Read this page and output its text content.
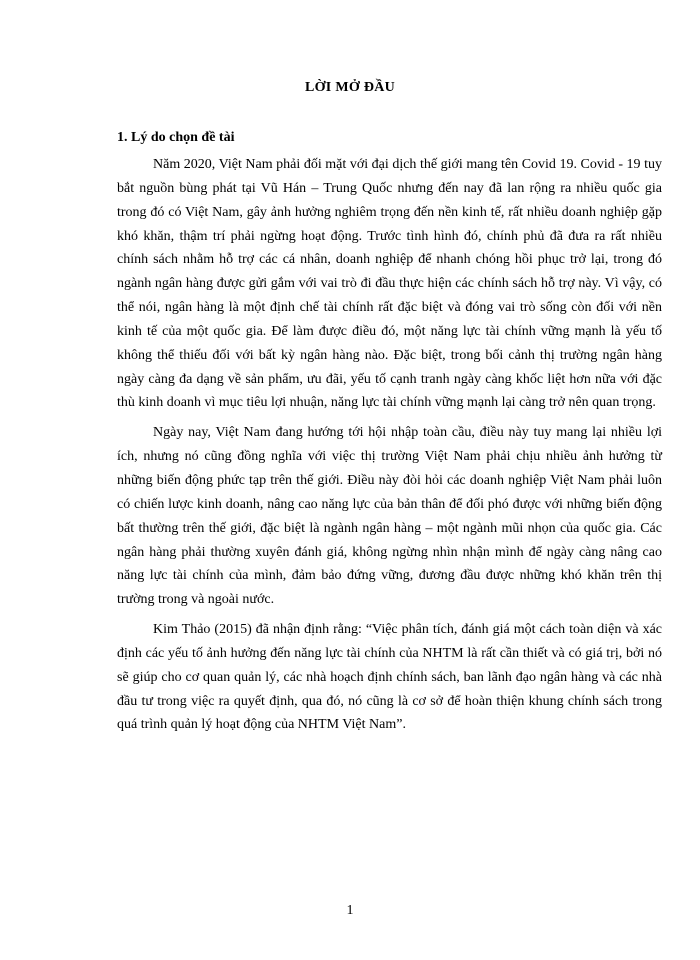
LỜI MỞ ĐẦU
1. Lý do chọn đề tài

Năm 2020, Việt Nam phải đối mặt với đại dịch thế giới mang tên Covid 19. Covid - 19 tuy bắt nguồn bùng phát tại Vũ Hán – Trung Quốc nhưng đến nay đã lan rộng ra nhiều quốc gia trong đó có Việt Nam, gây ảnh hưởng nghiêm trọng đến nền kinh tế, rất nhiều doanh nghiệp gặp khó khăn, thậm trí phải ngừng hoạt động. Trước tình hình đó, chính phủ đã đưa ra rất nhiều chính sách nhằm hỗ trợ các cá nhân, doanh nghiệp để nhanh chóng hồi phục trở lại, trong đó ngành ngân hàng được gửi gắm với vai trò đi đầu thực hiện các chính sách hỗ trợ này. Vì vậy, có thể nói, ngân hàng là một định chế tài chính rất đặc biệt và đóng vai trò sống còn đối với nền kinh tế của một quốc gia. Để làm được điều đó, một năng lực tài chính vững mạnh là yếu tố không thể thiếu đối với bất kỳ ngân hàng nào. Đặc biệt, trong bối cảnh thị trường ngân hàng ngày càng đa dạng về sản phẩm, ưu đãi, yếu tố cạnh tranh ngày càng khốc liệt hơn nữa với đặc thù kinh doanh vì mục tiêu lợi nhuận, năng lực tài chính vững mạnh lại càng trở nên quan trọng.

Ngày nay, Việt Nam đang hướng tới hội nhập toàn cầu, điều này tuy mang lại nhiều lợi ích, nhưng nó cũng đồng nghĩa với việc thị trường Việt Nam phải chịu nhiều ảnh hưởng từ những biến động phức tạp trên thế giới. Điều này đòi hỏi các doanh nghiệp Việt Nam phải luôn có chiến lược kinh doanh, nâng cao năng lực của bản thân để đối phó được với những biến động bất thường trên thế giới, đặc biệt là ngành ngân hàng – một ngành mũi nhọn của quốc gia. Các ngân hàng phải thường xuyên đánh giá, không ngừng nhìn nhận mình để ngày càng nâng cao năng lực tài chính của mình, đảm bảo đứng vững, đương đầu được những khó khăn trên thị trường trong và ngoài nước.

Kim Thảo (2015) đã nhận định rằng: “Việc phân tích, đánh giá một cách toàn diện và xác định các yếu tố ảnh hưởng đến năng lực tài chính của NHTM là rất cần thiết và có giá trị, bởi nó sẽ giúp cho cơ quan quản lý, các nhà hoạch định chính sách, ban lãnh đạo ngân hàng và các nhà đầu tư trong việc ra quyết định, qua đó, nó cũng là cơ sở để hoàn thiện khung chính sách trong quá trình quản lý hoạt động của NHTM Việt Nam”.

1
